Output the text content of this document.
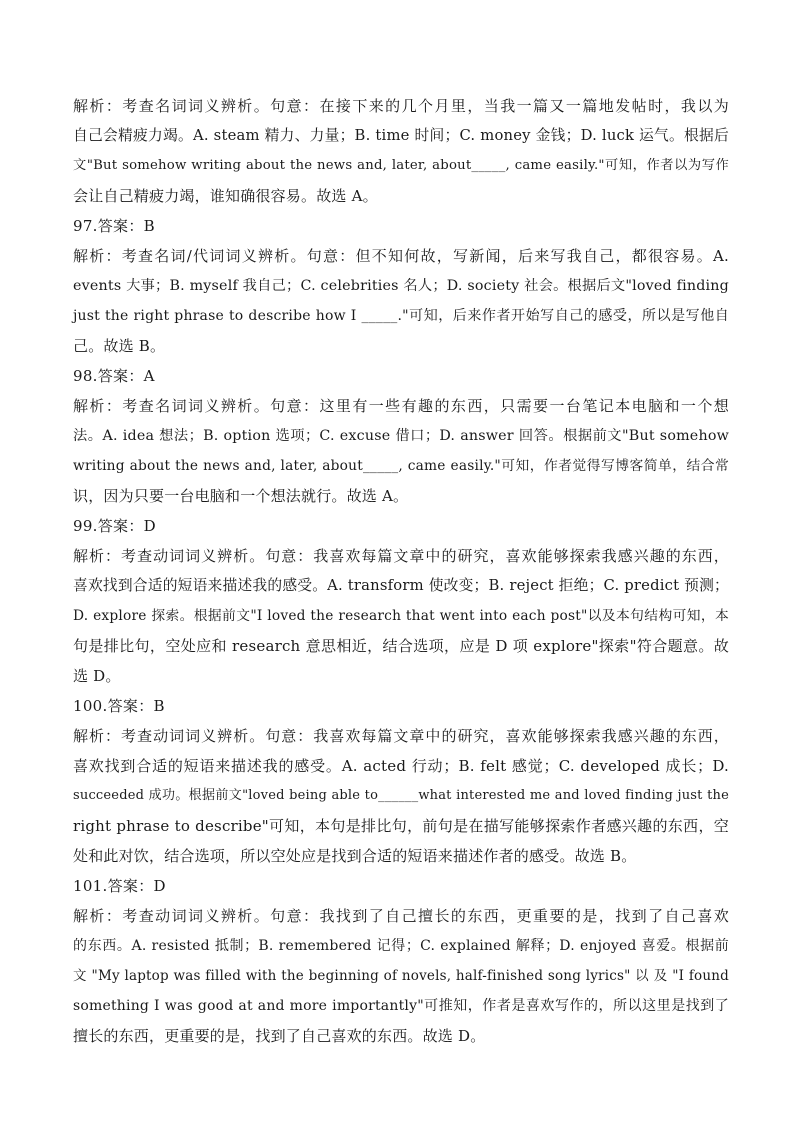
解析：考查名词词义辨析。句意：在接下来的几个月里，当我一篇又一篇地发帖时，我以为
自己会精疲力竭。A. steam 精力、力量；B. time 时间；C. money 金钱；D. luck 运气。根据后
文"But somehow writing about the news and, later, about_____, came easily."可知，作者以为写作
会让自己精疲力竭，谁知确很容易。故选 A。
97.答案：B
解析：考查名词/代词词义辨析。句意：但不知何故，写新闻，后来写我自己，都很容易。A.
events 大事；B. myself 我自己；C. celebrities 名人；D. society 社会。根据后文"loved finding
just the right phrase to describe how I _____."可知，后来作者开始写自己的感受，所以是写他自
己。故选 B。
98.答案：A
解析：考查名词词义辨析。句意：这里有一些有趣的东西，只需要一台笔记本电脑和一个想
法。A. idea 想法；B. option 选项；C. excuse 借口；D. answer 回答。根据前文"But somehow
writing about the news and, later, about_____, came easily."可知，作者觉得写博客简单，结合常
识，因为只要一台电脑和一个想法就行。故选 A。
99.答案：D
解析：考查动词词义辨析。句意：我喜欢每篇文章中的研究，喜欢能够探索我感兴趣的东西，
喜欢找到合适的短语来描述我的感受。A. transform 使改变；B. reject 拒绝；C. predict 预测；
D. explore 探索。根据前文"I loved the research that went into each post"以及本句结构可知，本
句是排比句，空处应和 research 意思相近，结合选项，应是 D 项 explore"探索"符合题意。故
选 D。
100.答案：B
解析：考查动词词义辨析。句意：我喜欢每篇文章中的研究，喜欢能够探索我感兴趣的东西，
喜欢找到合适的短语来描述我的感受。A. acted 行动；B. felt 感觉；C. developed 成长；D.
succeeded 成功。根据前文"loved being able to______what interested me and loved finding just the
right phrase to describe"可知，本句是排比句，前句是在描写能够探索作者感兴趣的东西，空
处和此对饮，结合选项，所以空处应是找到合适的短语来描述作者的感受。故选 B。
101.答案：D
解析：考查动词词义辨析。句意：我找到了自己擅长的东西，更重要的是，找到了自己喜欢
的东西。A. resisted 抵制；B. remembered 记得；C. explained 解释；D. enjoyed 喜爱。根据前
文 "My laptop was filled with the beginning of novels, half-finished song lyrics" 以 及 "I found
something I was good at and more importantly"可推知，作者是喜欢写作的，所以这里是找到了
擅长的东西，更重要的是，找到了自己喜欢的东西。故选 D。
